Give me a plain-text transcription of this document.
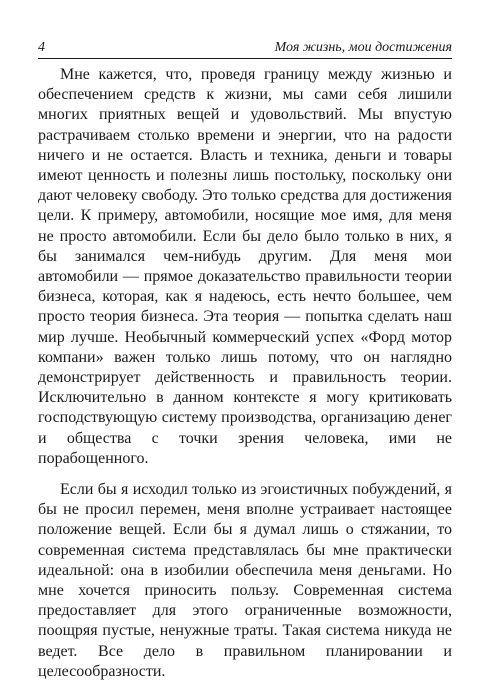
4	Моя жизнь, мои достижения

Мне кажется, что, проведя границу между жизнью и обеспечением средств к жизни, мы сами себя лишили многих приятных вещей и удовольствий. Мы впустую растрачиваем столько времени и энергии, что на радости ничего и не остается. Власть и техника, деньги и товары имеют ценность и полезны лишь постольку, поскольку они дают человеку свободу. Это только средства для достижения цели. К примеру, автомобили, носящие мое имя, для меня не просто автомобили. Если бы дело было только в них, я бы занимался чем-нибудь другим. Для меня мои автомобили — прямое доказательство правильности теории бизнеса, которая, как я надеюсь, есть нечто большее, чем просто теория бизнеса. Эта теория — попытка сделать наш мир лучше. Необычный коммерческий успех «Форд мотор компани» важен только лишь потому, что он наглядно демонстрирует действенность и правильность теории. Исключительно в данном контексте я могу критиковать господствующую систему производства, организацию денег и общества с точки зрения человека, ими не порабощенного.

Если бы я исходил только из эгоистичных побуждений, я бы не просил перемен, меня вполне устраивает настоящее положение вещей. Если бы я думал лишь о стяжании, то современная система представлялась бы мне практически идеальной: она в изобилии обеспечила меня деньгами. Но мне хочется приносить пользу. Современная система предоставляет для этого ограниченные возможности, поощряя пустые, ненужные траты. Такая система никуда не ведет. Все дело в правильном планировании и целесообразности.
